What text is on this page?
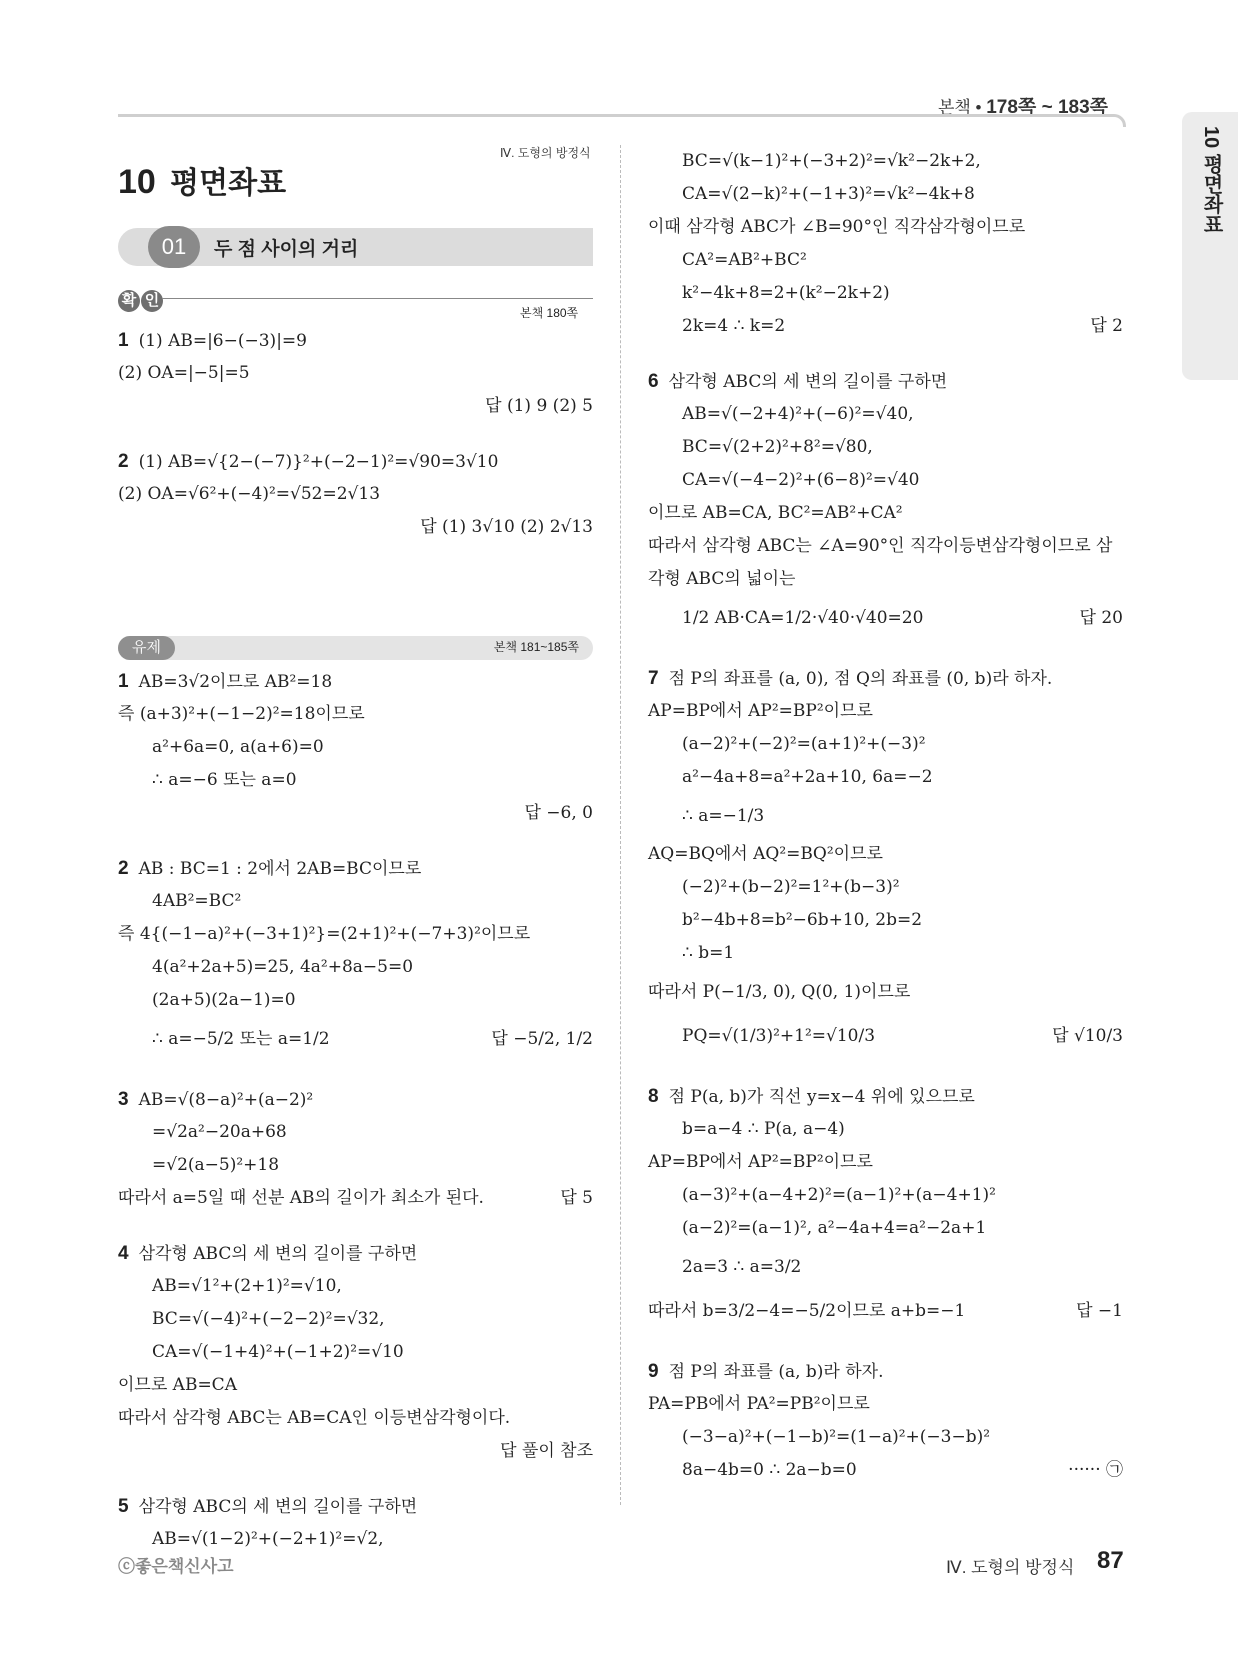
본책 • 178쪽 ~ 183쪽
10 평면좌표
10 평면좌표
Ⅳ. 도형의 방정식
01	두 점 사이의 거리
확 인
본책 180쪽
1 (1) AB=|6−(−3)|=9
(2) OA=|−5|=5
답 (1) 9 (2) 5
2 (1) AB=√{2−(−7)}²+(−2−1)²=√90=3√10
(2) OA=√6²+(−4)²=√52=2√13
답 (1) 3√10 (2) 2√13
유제	본책 181~185쪽
1 AB=3√2이므로 AB²=18
즉 (a+3)²+(−1−2)²=18이므로
a²+6a=0, a(a+6)=0
∴ a=−6 또는 a=0
답 −6, 0
2 AB : BC=1 : 2에서 2AB=BC이므로
4AB²=BC²
즉 4{(−1−a)²+(−3+1)²}=(2+1)²+(−7+3)²이므로
4(a²+2a+5)=25, 4a²+8a−5=0
(2a+5)(2a−1)=0
∴ a=−5/2 또는 a=1/2	답 −5/2, 1/2
3 AB=√(8−a)²+(a−2)²
=√2a²−20a+68
=√2(a−5)²+18
따라서 a=5일 때 선분 AB의 길이가 최소가 된다.	답 5
4 삼각형 ABC의 세 변의 길이를 구하면
AB=√1²+(2+1)²=√10,
BC=√(−4)²+(−2−2)²=√32,
CA=√(−1+4)²+(−1+2)²=√10
이므로 AB=CA
따라서 삼각형 ABC는 AB=CA인 이등변삼각형이다.
답 풀이 참조
5 삼각형 ABC의 세 변의 길이를 구하면
AB=√(1−2)²+(−2+1)²=√2,
BC=√(k−1)²+(−3+2)²=√k²−2k+2,
CA=√(2−k)²+(−1+3)²=√k²−4k+8
이때 삼각형 ABC가 ∠B=90°인 직각삼각형이므로
CA²=AB²+BC²
k²−4k+8=2+(k²−2k+2)
2k=4 ∴ k=2	답 2
6 삼각형 ABC의 세 변의 길이를 구하면
AB=√(−2+4)²+(−6)²=√40,
BC=√(2+2)²+8²=√80,
CA=√(−4−2)²+(6−8)²=√40
이므로 AB=CA, BC²=AB²+CA²
따라서 삼각형 ABC는 ∠A=90°인 직각이등변삼각형이므로 삼
각형 ABC의 넓이는
1/2 AB·CA=1/2·√40·√40=20	답 20
7 점 P의 좌표를 (a, 0), 점 Q의 좌표를 (0, b)라 하자.
AP=BP에서 AP²=BP²이므로
(a−2)²+(−2)²=(a+1)²+(−3)²
a²−4a+8=a²+2a+10, 6a=−2
∴ a=−1/3
AQ=BQ에서 AQ²=BQ²이므로
(−2)²+(b−2)²=1²+(b−3)²
b²−4b+8=b²−6b+10, 2b=2
∴ b=1
따라서 P(−1/3, 0), Q(0, 1)이므로
PQ=√(1/3)²+1²=√10/3	답 √10/3
8 점 P(a, b)가 직선 y=x−4 위에 있으므로
b=a−4 ∴ P(a, a−4)
AP=BP에서 AP²=BP²이므로
(a−3)²+(a−4+2)²=(a−1)²+(a−4+1)²
(a−2)²=(a−1)², a²−4a+4=a²−2a+1
2a=3 ∴ a=3/2
따라서 b=3/2−4=−5/2이므로 a+b=−1	답 −1
9 점 P의 좌표를 (a, b)라 하자.
PA=PB에서 PA²=PB²이므로
(−3−a)²+(−1−b)²=(1−a)²+(−3−b)²
8a−4b=0 ∴ 2a−b=0	······ ㉠
ⓒ좋은책신사고	Ⅳ. 도형의 방정식 87
